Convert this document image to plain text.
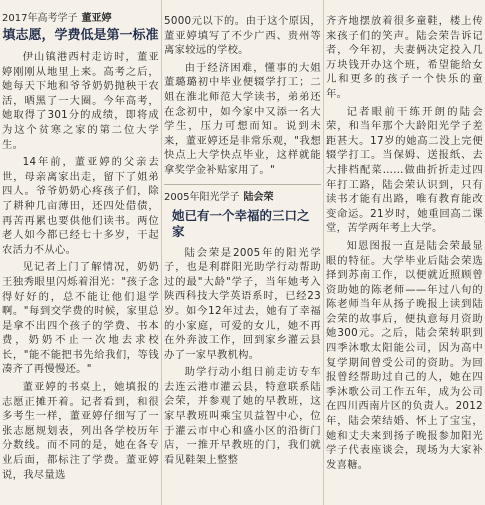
2017年高考学子 董亚婷
填志愿，学费低是第一标准
伊山镇港西村走访时，董亚婷刚刚从地里上来。高考之后，她每天下地和爷爷奶奶抛秧干农活，晒黑了一大圈。今年高考，她取得了301分的成绩，即将成为这个贫寒之家的第二位大学生。
14年前，董亚婷的父亲去世，母亲离家出走，留下了姐弟四人。爷爷奶奶心疼孩子们，除了耕种几亩薄田，还四处借债，再苦再累也要供他们读书。两位老人如今都已经七十多岁，干起农活力不从心。
见记者上门了解情况，奶奶王独秀眼里闪烁着泪光："孩子念得好好的，总不能让他们退学啊。"每到交学费的时候，家里总是拿不出四个孩子的学费、书本费，奶奶不止一次地去求校长，"能不能把书先给我们，等钱凑齐了再慢慢还。"
董亚婷的书桌上，她填报的志愿正摊开着。记者看到，和很多考生一样，董亚婷仔细写了一张志愿规划表，列出各学校历年分数线。而不同的是，她在各专业后面，都标注了学费。董亚婷说，我尽量选
5000元以下的。由于这个原因，董亚婷填写了不少广西、贵州等离家较远的学校。
由于经济困难，懂事的大姐董璐璐初中毕业便辍学打工；二姐在淮北师范大学读书，弟弟还在念初中，如今家中又添一名大学生，压力可想而知。说到未来，董亚婷还是非常乐观，"我想快点上大学快点毕业，这样就能拿奖学金补贴家用了。"
2005年阳光学子 陆会荣
她已有一个幸福的三口之家
陆会荣是2005年的阳光学子，也是利群阳光助学行动帮助过的最"大龄"学子，当年她考入陕西科技大学英语系时，已经23岁。如今12年过去，她有了幸福的小家庭，可爱的女儿，她不再在外奔波工作，回到家乡灌云县办了一家早教机构。
助学行动小组日前走访专车去连云港市灌云县，特意联系陆会荣，并参观了她的早教班，这家早教班叫乘宝贝益智中心，位于灌云市中心和盛小区的沿街门店，一推开早教班的门，我们就看见鞋架上整整
齐齐地摆放着很多童鞋，楼上传来孩子们的笑声。陆会荣告诉记者，今年初，夫妻俩决定投入几万块钱开办这个班，希望能给女儿和更多的孩子一个快乐的童年。
记者眼前干练开朗的陆会荣，和当年那个大龄阳光学子差距甚大。17岁的她高二没上完便辍学打工。当保姆、送报纸、去大排档配菜……做曲折折走过四年打工路，陆会荣认识到，只有读书才能有出路，唯有教育能改变命运。21岁时，她重回高二课堂，苦学两年考上大学。
知恩图报一直是陆会荣最显眼的特征。大学毕业后陆会荣选择到苏南工作，以便就近照顾曾资助她的陈老师——年过八旬的陈老师当年从扬子晚报上读到陆会荣的故事后，便执意每月资助她300元。之后，陆会荣转职到四季沐歌太阳能公司，因为高中复学期间曾受公司的资助。为回报曾经帮助过自己的人，她在四季沐歌公司工作五年，成为公司在四川西南片区的负责人。2012年，陆会荣结婚、怀上了宝宝，她和丈夫来到扬子晚报参加阳光学子代表座谈会，现场为大家补发喜糖。
